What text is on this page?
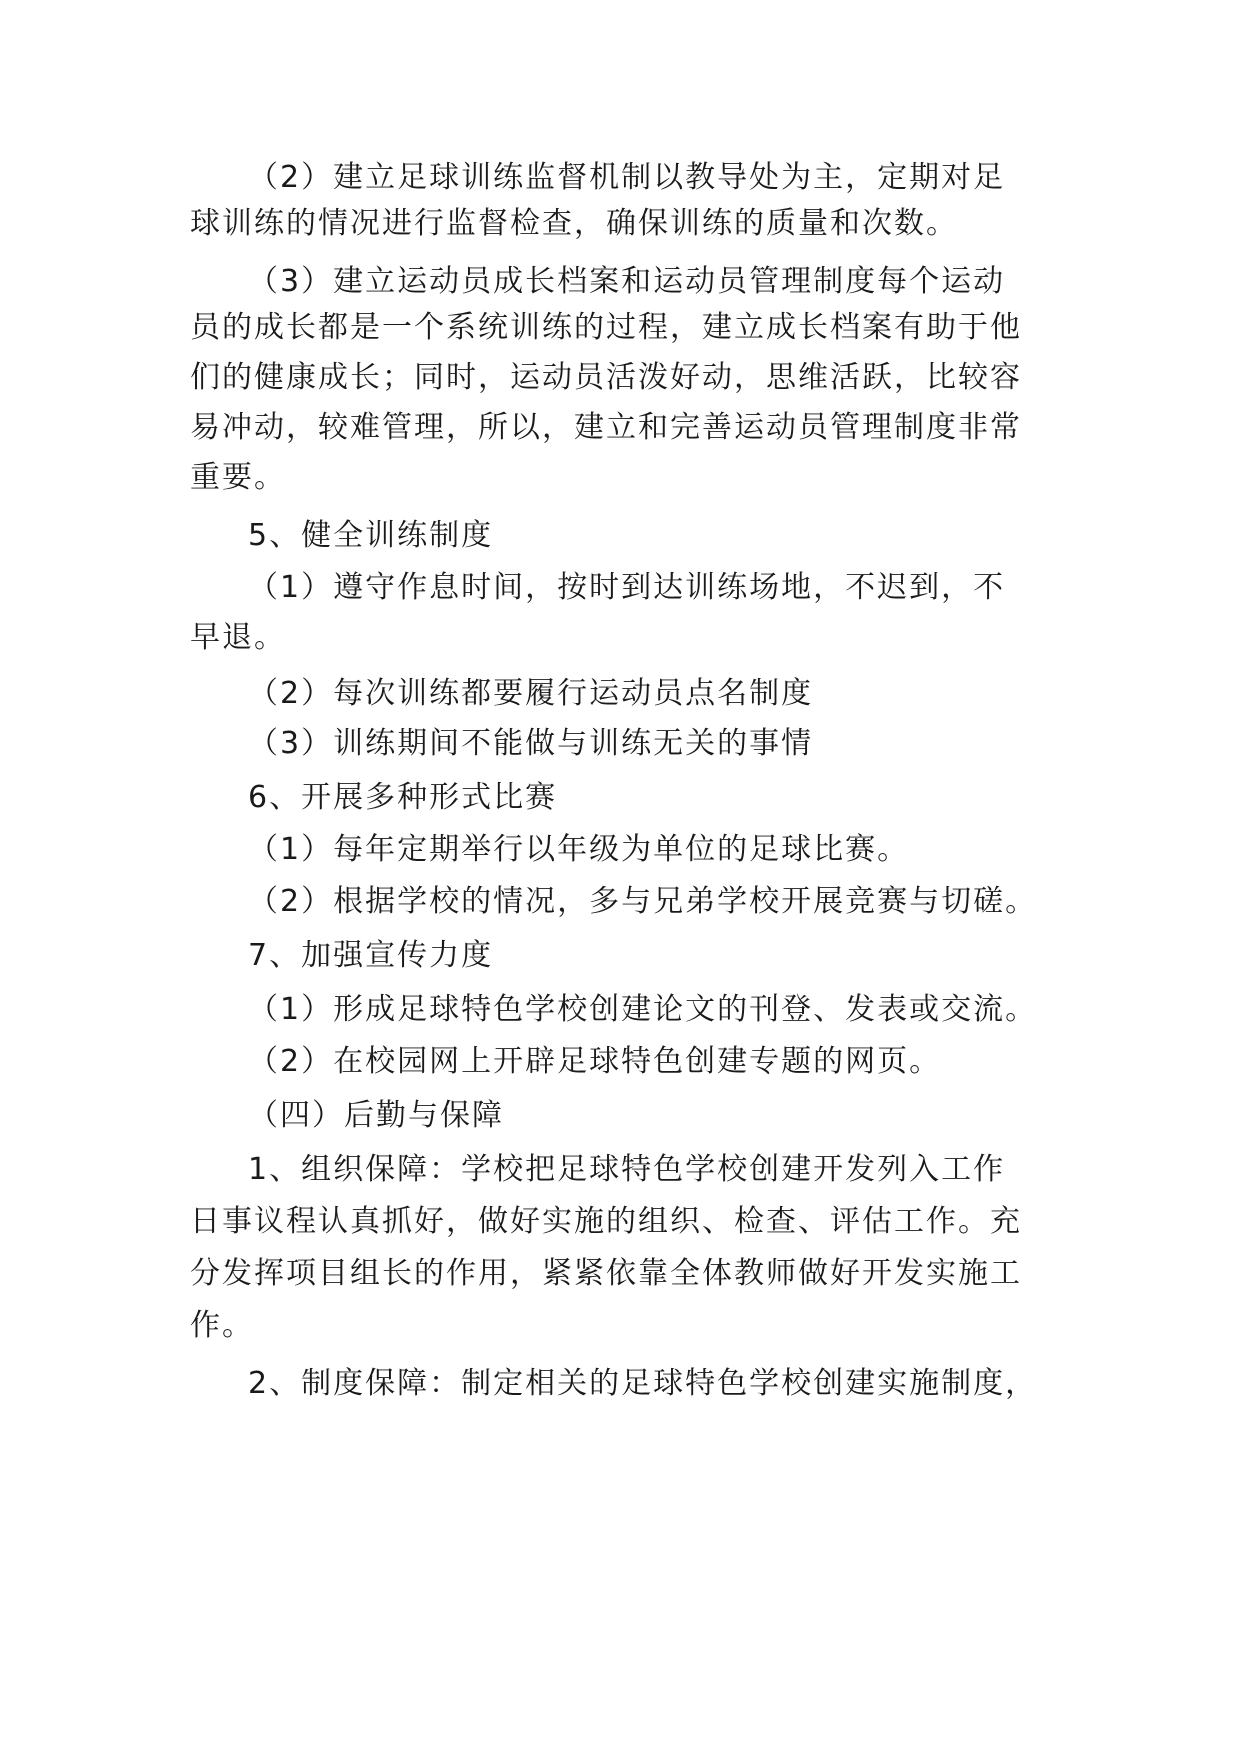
（2）建立足球训练监督机制以教导处为主，定期对足
球训练的情况进行监督检查，确保训练的质量和次数。
（3）建立运动员成长档案和运动员管理制度每个运动
员的成长都是一个系统训练的过程，建立成长档案有助于他
们的健康成长；同时，运动员活泼好动，思维活跃，比较容
易冲动，较难管理，所以，建立和完善运动员管理制度非常
重要。
5、健全训练制度
（1）遵守作息时间，按时到达训练场地，不迟到，不
早退。
（2）每次训练都要履行运动员点名制度
（3）训练期间不能做与训练无关的事情
6、开展多种形式比赛
（1）每年定期举行以年级为单位的足球比赛。
（2）根据学校的情况，多与兄弟学校开展竞赛与切磋。
7、加强宣传力度
（1）形成足球特色学校创建论文的刊登、发表或交流。
（2）在校园网上开辟足球特色创建专题的网页。
（四）后勤与保障
1、组织保障：学校把足球特色学校创建开发列入工作
日事议程认真抓好，做好实施的组织、检查、评估工作。充
分发挥项目组长的作用，紧紧依靠全体教师做好开发实施工
作。
2、制度保障：制定相关的足球特色学校创建实施制度，
